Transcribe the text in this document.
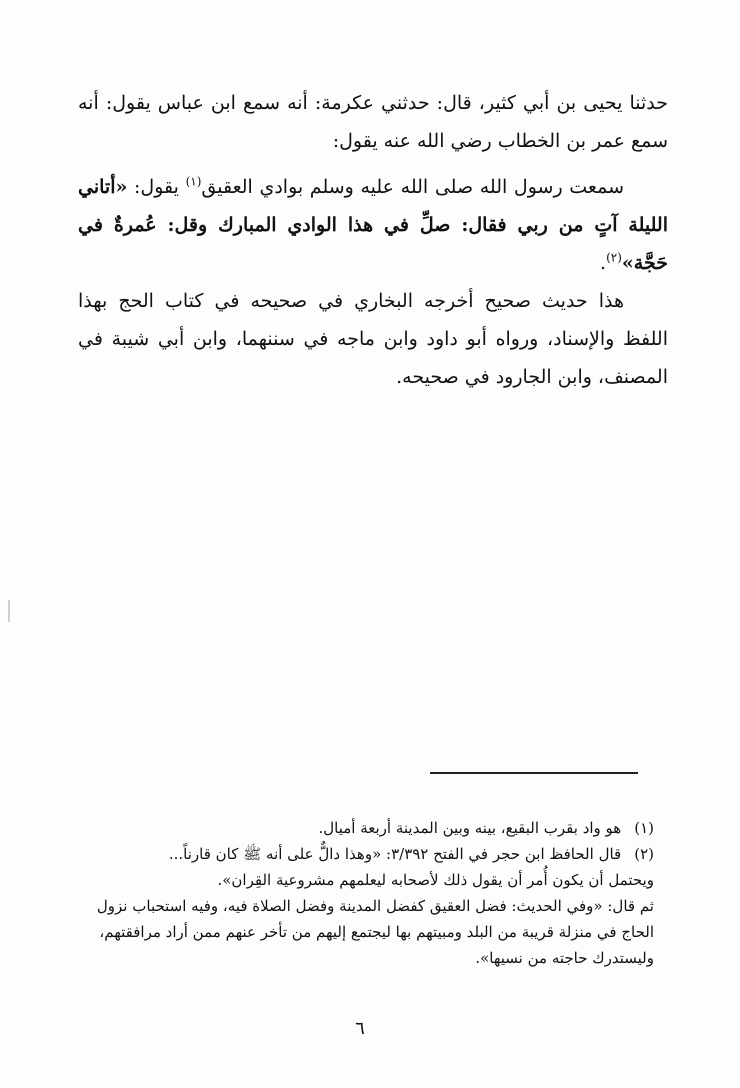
حدثنا يحيى بن أبي كثير، قال: حدثني عكرمة: أنه سمع ابن عباس يقول: أنه سمع عمر بن الخطاب رضي الله عنه يقول:

سمعت رسول الله صلى الله عليه وسلم بوادي العقيق$^{(١)}$ يقول: «أتاني الليلة آتٍ من ربي فقال: صلِّ في هذا الوادي المبارك وقل: عُمرةٌ في حَجَّة»$^{(٢)}$.

هذا حديث صحيح أخرجه البخاري في صحيحه في كتاب الحج بهذا اللفظ والإسناد، ورواه أبو داود وابن ماجه في سننهما، وابن أبي شيبة في المصنف، وابن الجارود في صحيحه.

(١) هو واد بقرب البقيع، بينه وبين المدينة أربعة أميال.

(٢) قال الحافظ ابن حجر في الفتح ٣/٣٩٢: «وهذا دالٌّ على أنه ﷺ كان قارناً...

ويحتمل أن يكون أُمر أن يقول ذلك لأصحابه ليعلمهم مشروعية القِران».

ثم قال: «وفي الحديث: فضل العقيق كفضل المدينة وفضل الصلاة فيه، وفيه استحباب نزول الحاج في منزلة قريبة من البلد ومبيتهم بها ليجتمع إليهم من تأخر عنهم ممن أراد مرافقتهم، وليستدرك حاجته من نسيها».

٦
